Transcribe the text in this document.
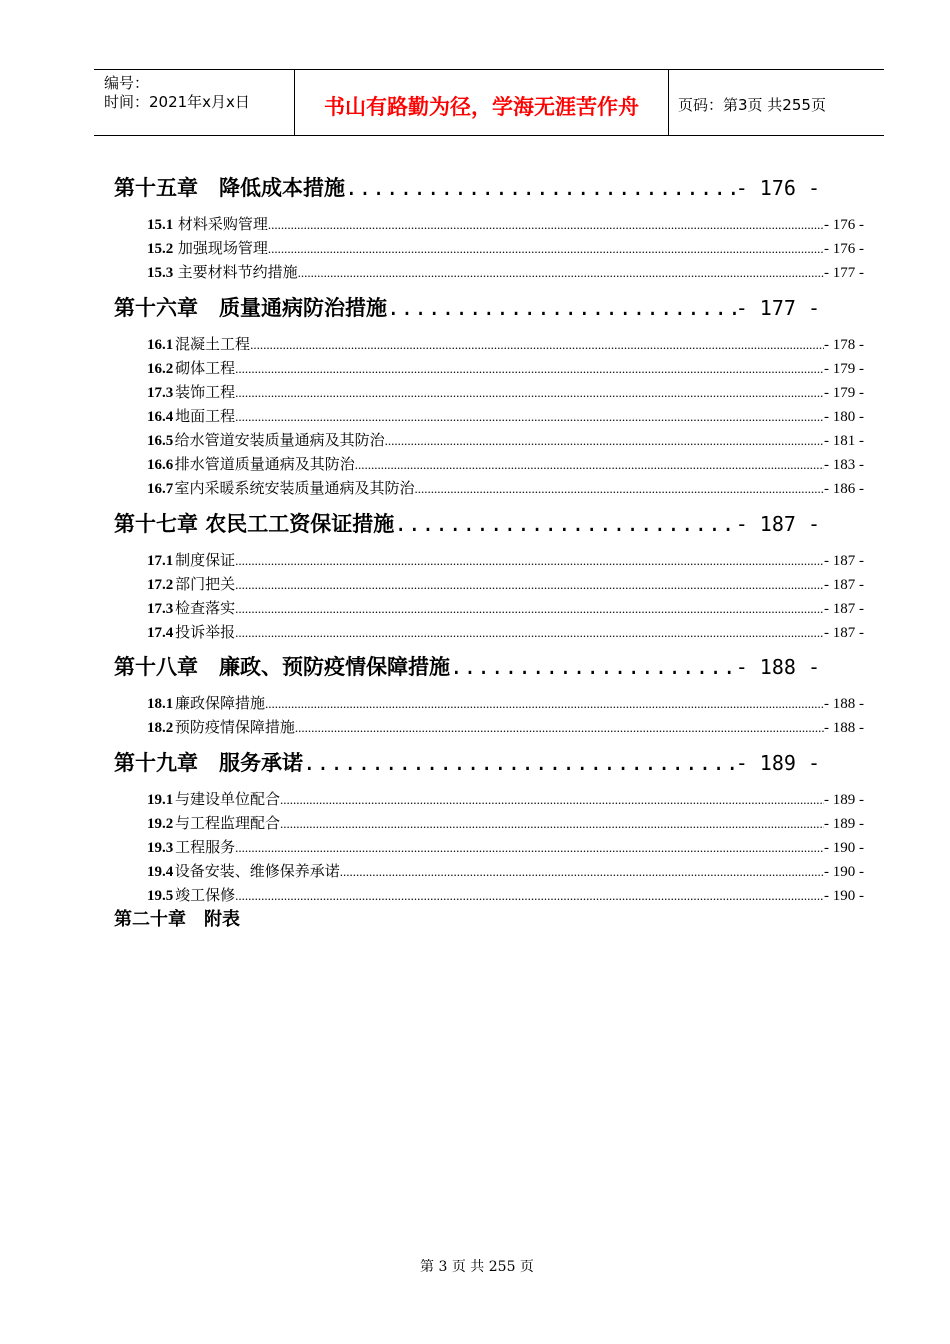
编号：
时间：2021年x月x日	书山有路勤为径，学海无涯苦作舟	页码：第3页 共255页
第十五章　降低成本措施 .....	- 176 -
15.1 材料采购管理 .....	- 176 -
15.2 加强现场管理 .....	- 176 -
15.3 主要材料节约措施 .....	- 177 -
第十六章　质量通病防治措施 .....	- 177 -
16.1 混凝土工程 .....	- 178 -
16.2 砌体工程 .....	- 179 -
17.3 装饰工程 .....	- 179 -
16.4 地面工程 .....	- 180 -
16.5 给水管道安装质量通病及其防治 .....	- 181 -
16.6 排水管道质量通病及其防治 .....	- 183 -
16.7 室内采暖系统安装质量通病及其防治 .....	- 186 -
第十七章 农民工工资保证措施 .....	- 187 -
17.1 制度保证 .....	- 187 -
17.2 部门把关 .....	- 187 -
17.3 检查落实 .....	- 187 -
17.4 投诉举报 .....	- 187 -
第十八章　廉政、预防疫情保障措施 .....	- 188 -
18.1 廉政保障措施 .....	- 188 -
18.2 预防疫情保障措施 .....	- 188 -
第十九章　服务承诺 .....	- 189 -
19.1 与建设单位配合 .....	- 189 -
19.2 与工程监理配合 .....	- 189 -
19.3 工程服务 .....	- 190 -
19.4 设备安装、维修保养承诺 .....	- 190 -
19.5 竣工保修 .....	- 190 -
第二十章　附表
第 3 页 共 255 页
